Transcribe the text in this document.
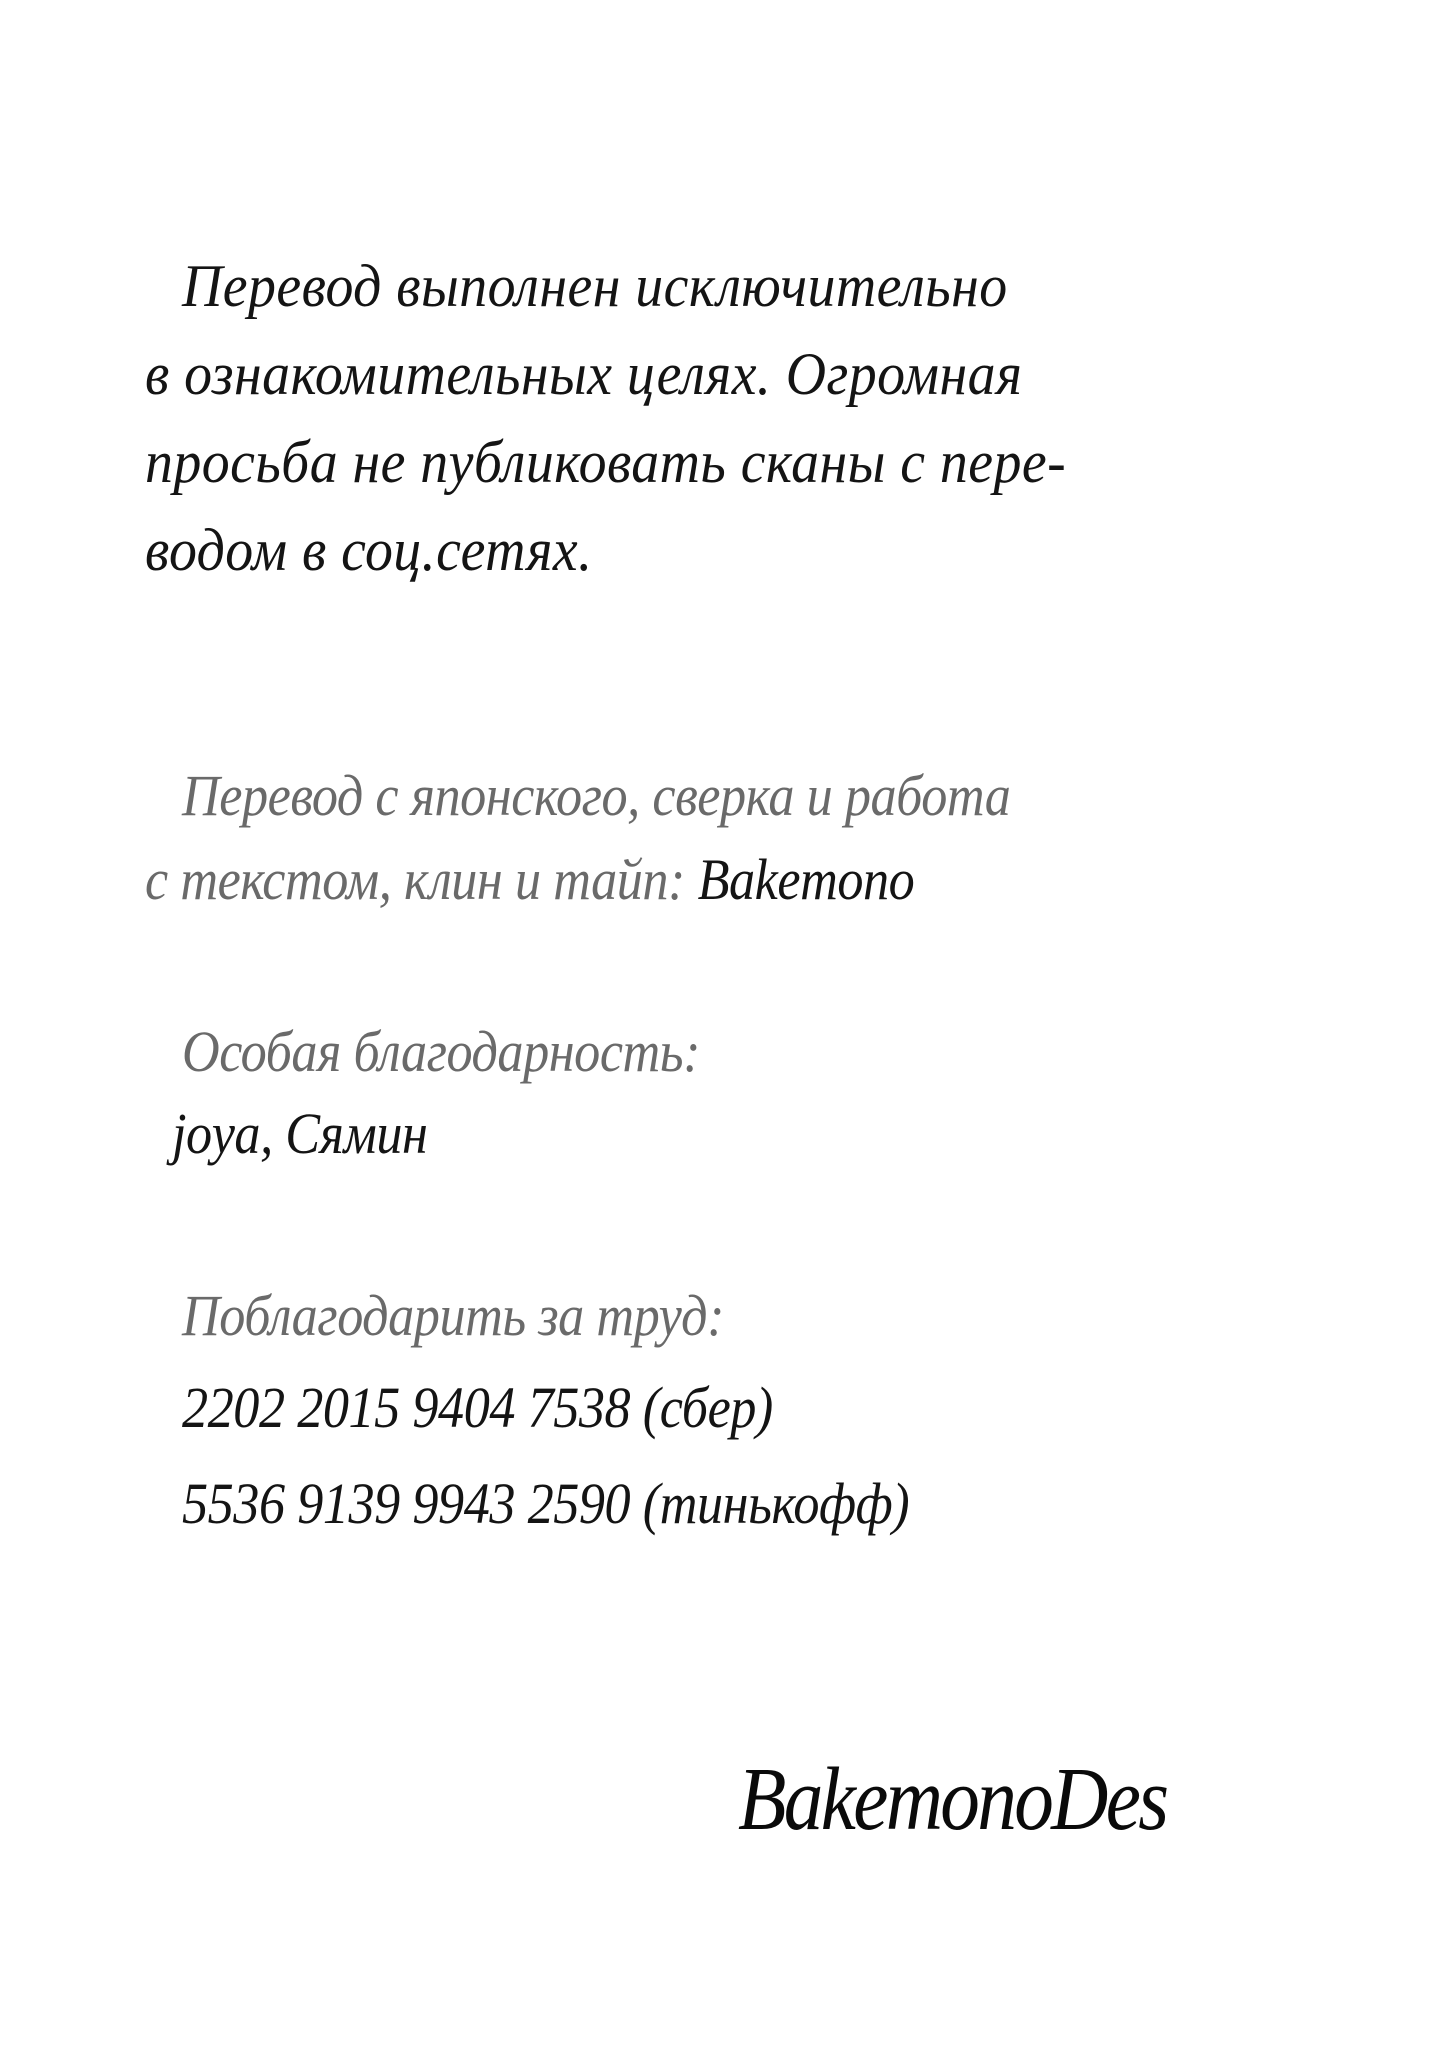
Перевод выполнен исключительно

в ознакомительных целях. Огромная

просьба не публиковать сканы с пере-

водом в соц.сетях.

Перевод с японского, сверка и работа

с текстом, клин и тайп: Bakemono

Особая благодарность:

joya, Сямин

Поблагодарить за труд:

2202 2015 9404 7538 (сбер)

5536 9139 9943 2590 (тинькофф)

BakemonoDes
